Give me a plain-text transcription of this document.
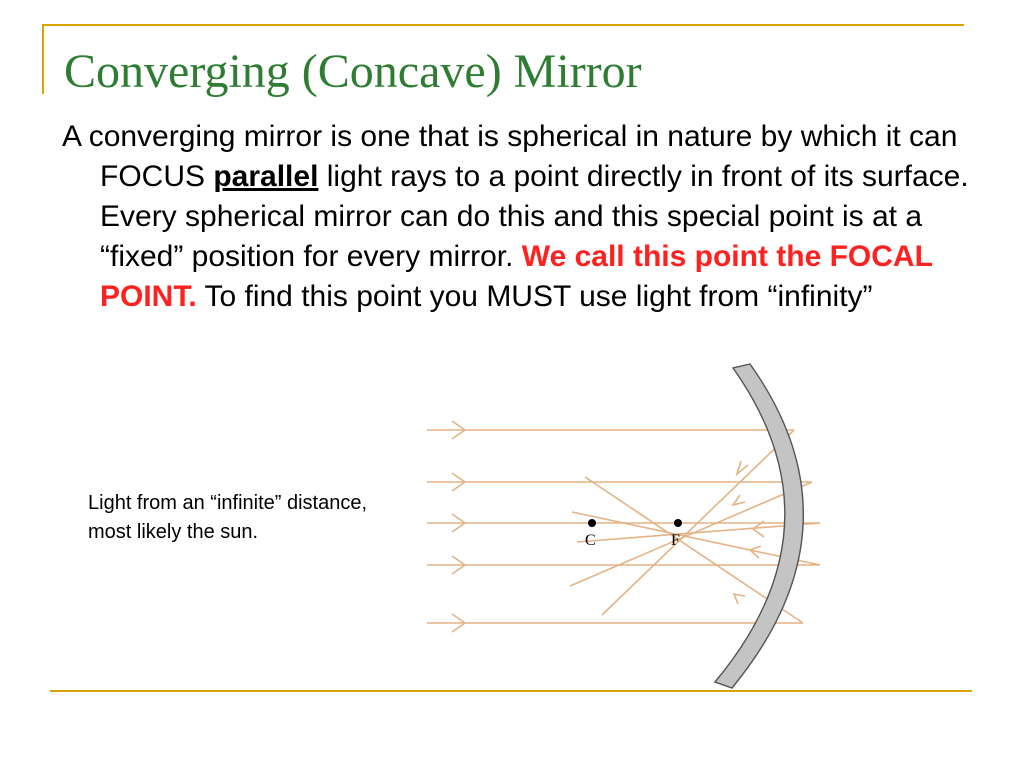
Converging (Concave) Mirror

A converging mirror is one that is spherical in nature by which it can FOCUS parallel light rays to a point directly in front of its surface. Every spherical mirror can do this and this special point is at a “fixed” position for every mirror. We call this point the FOCAL POINT. To find this point you MUST use light from “infinity”

Light from an “infinite” distance, most likely the sun.	C	F
